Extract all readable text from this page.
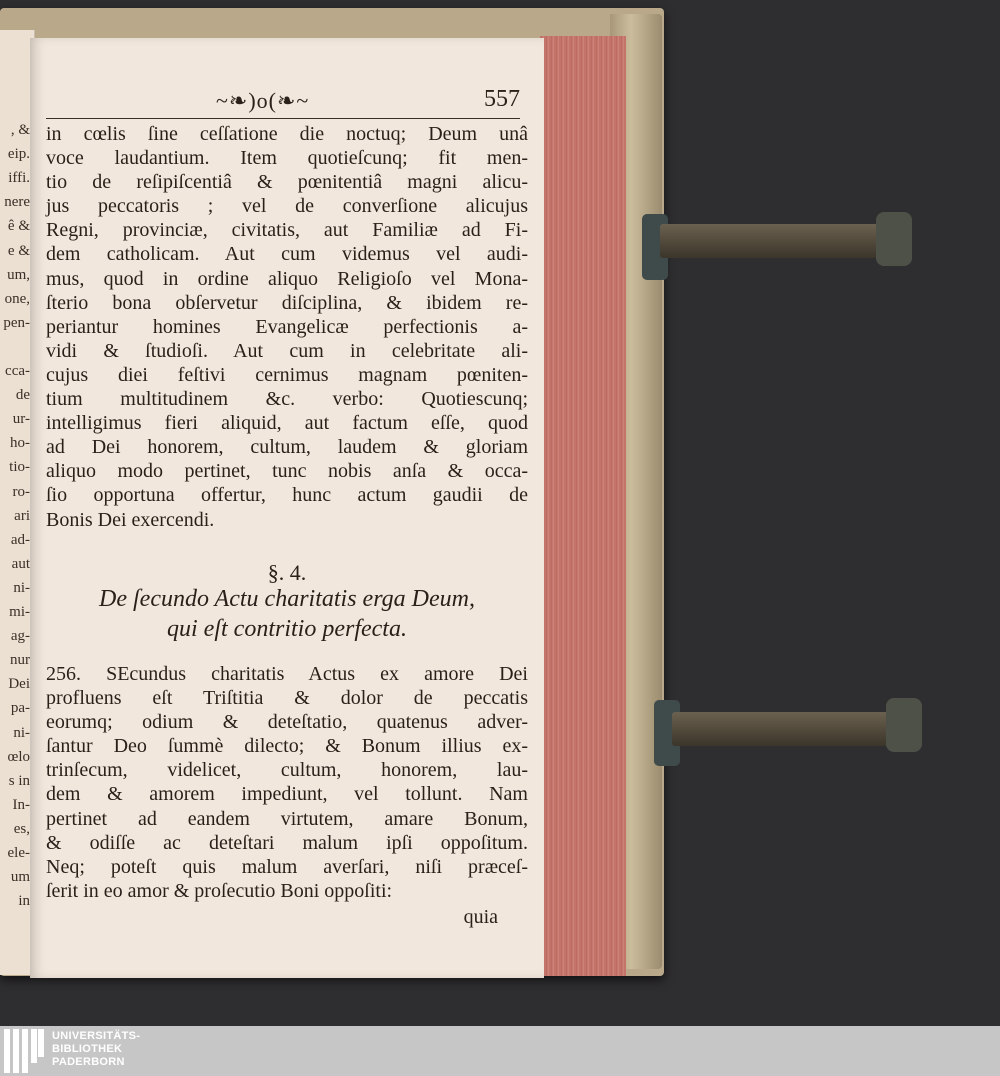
, &
eip.
iffi.
nere
ê &
e &
um,
one,
pen-
cca-
de
ur-
ho-
tio-
ro-
ari
ad-
aut
ni-
mi-
ag-
nur
Dei
pa-
ni-
œlo
s in
In-
es,
ele-
um
in
~❧)o(❧~	557
in cœlis ſine ceſſatione die noctuq; Deum unâ
voce laudantium. Item quotieſcunq; fit men-
tio de reſipiſcentiâ & pœnitentiâ magni alicu-
jus peccatoris ; vel de converſione alicujus
Regni, provinciæ, civitatis, aut Familiæ ad Fi-
dem catholicam. Aut cum videmus vel audi-
mus, quod in ordine aliquo Religioſo vel Mona-
ſterio bona obſervetur diſciplina, & ibidem re-
periantur homines Evangelicæ perfectionis a-
vidi & ſtudioſi. Aut cum in celebritate ali-
cujus diei feſtivi cernimus magnam pœniten-
tium multitudinem &c. verbo: Quotiescunq;
intelligimus fieri aliquid, aut factum eſſe, quod
ad Dei honorem, cultum, laudem & gloriam
aliquo modo pertinet, tunc nobis anſa & occa-
ſio opportuna offertur, hunc actum gaudii de
Bonis Dei exercendi.
§. 4.
De ſecundo Actu charitatis erga Deum,
qui eſt contritio perfecta.
256. SEcundus charitatis Actus ex amore Dei
profluens eſt Triſtitia & dolor de peccatis
eorumq; odium & deteſtatio, quatenus adver-
ſantur Deo ſummè dilecto; & Bonum illius ex-
trinſecum, videlicet, cultum, honorem, lau-
dem & amorem impediunt, vel tollunt. Nam
pertinet ad eandem virtutem, amare Bonum,
& odiſſe ac deteſtari malum ipſi oppoſitum.
Neq; poteſt quis malum averſari, niſi præceſ-
ſerit in eo amor & proſecutio Boni oppoſiti:
quia
UNIVERSITÄTS-
BIBLIOTHEK
PADERBORN
